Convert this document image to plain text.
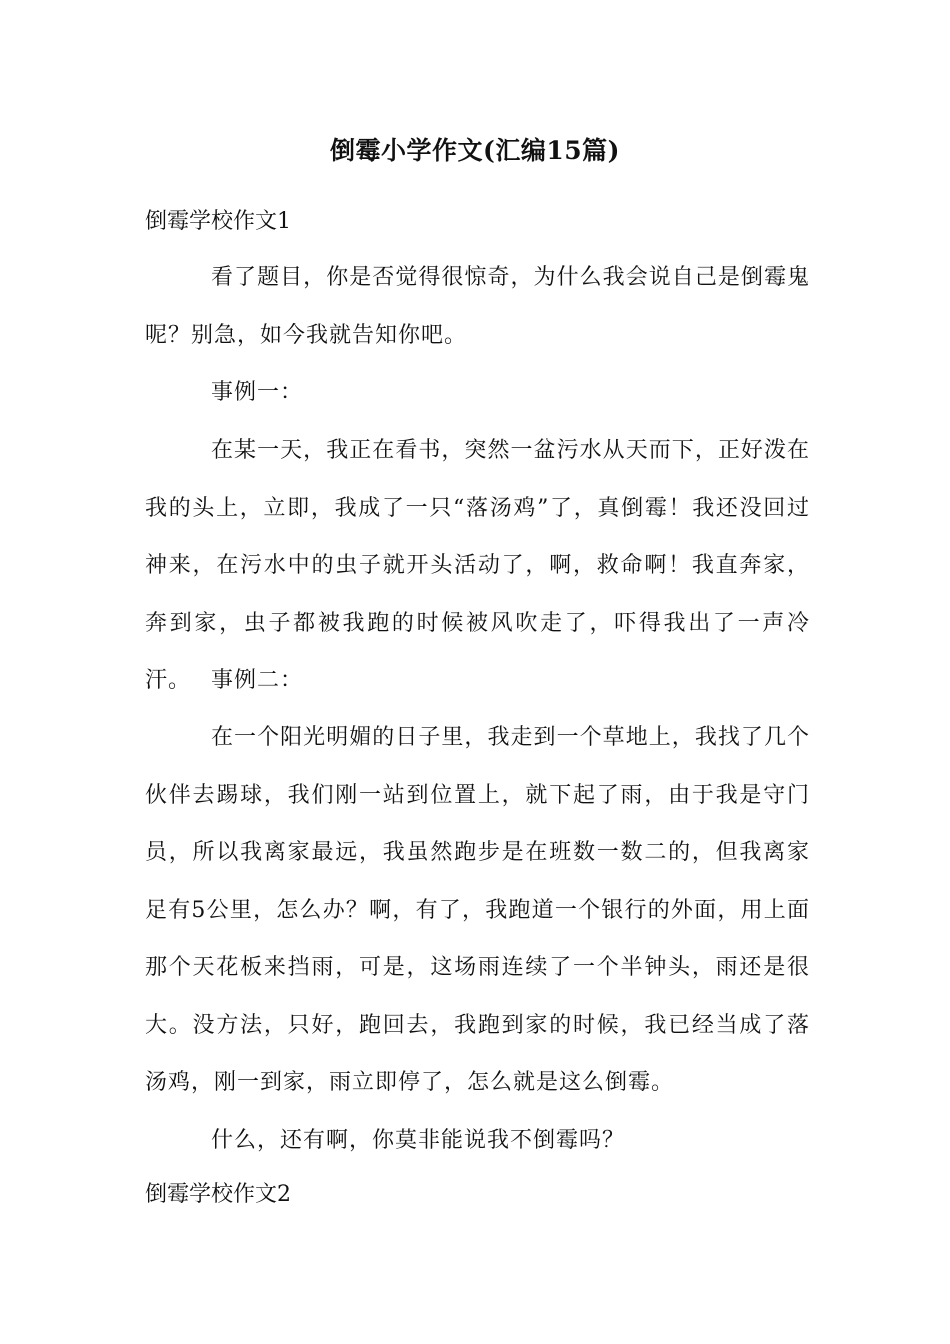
倒霉小学作文(汇编15篇)
倒霉学校作文1

看了题目，你是否觉得很惊奇，为什么我会说自己是倒霉鬼呢？别急，如今我就告知你吧。

事例一：

在某一天，我正在看书，突然一盆污水从天而下，正好泼在我的头上，立即，我成了一只“落汤鸡”了，真倒霉！我还没回过神来，在污水中的虫子就开头活动了，啊，救命啊！我直奔家，奔到家，虫子都被我跑的时候被风吹走了，吓得我出了一声冷汗。 事例二：

在一个阳光明媚的日子里，我走到一个草地上，我找了几个伙伴去踢球，我们刚一站到位置上，就下起了雨，由于我是守门员，所以我离家最远，我虽然跑步是在班数一数二的，但我离家足有5公里，怎么办？啊，有了，我跑道一个银行的外面，用上面那个天花板来挡雨，可是，这场雨连续了一个半钟头，雨还是很大。没方法，只好，跑回去，我跑到家的时候，我已经当成了落汤鸡，刚一到家，雨立即停了，怎么就是这么倒霉。

什么，还有啊，你莫非能说我不倒霉吗？

倒霉学校作文2
